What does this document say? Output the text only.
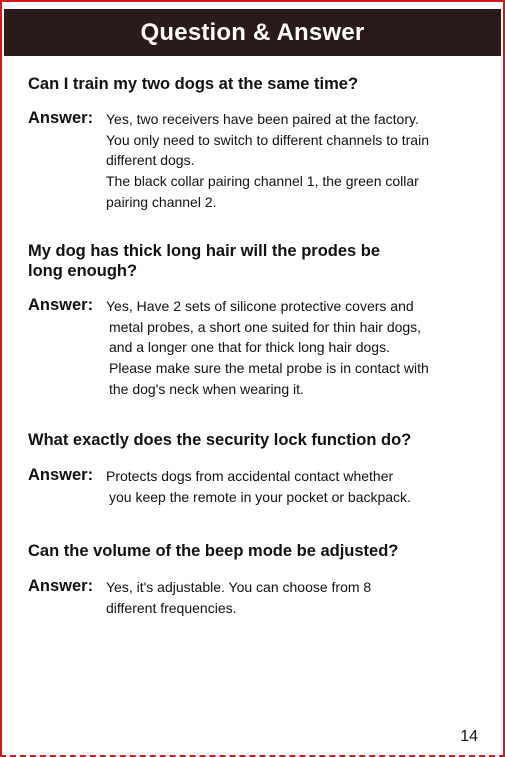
Question & Answer

Can I train my two dogs at the same time?

Answer: Yes, two receivers have been paired at the factory.
You only need to switch to different channels to train
different dogs.
The black collar pairing channel 1, the green collar
pairing channel 2.

My dog has thick long hair will the prodes be
long enough?

Answer: Yes, Have 2 sets of silicone protective covers and
metal probes, a short one suited for thin hair dogs,
and a longer one that for thick long hair dogs.
Please make sure the metal probe is in contact with
the dog's neck when wearing it.

What exactly does the security lock function do?

Answer: Protects dogs from accidental contact whether
you keep the remote in your pocket or backpack.

Can the volume of the beep mode be adjusted?

Answer: Yes, it's adjustable. You can choose from 8
different frequencies.
14
